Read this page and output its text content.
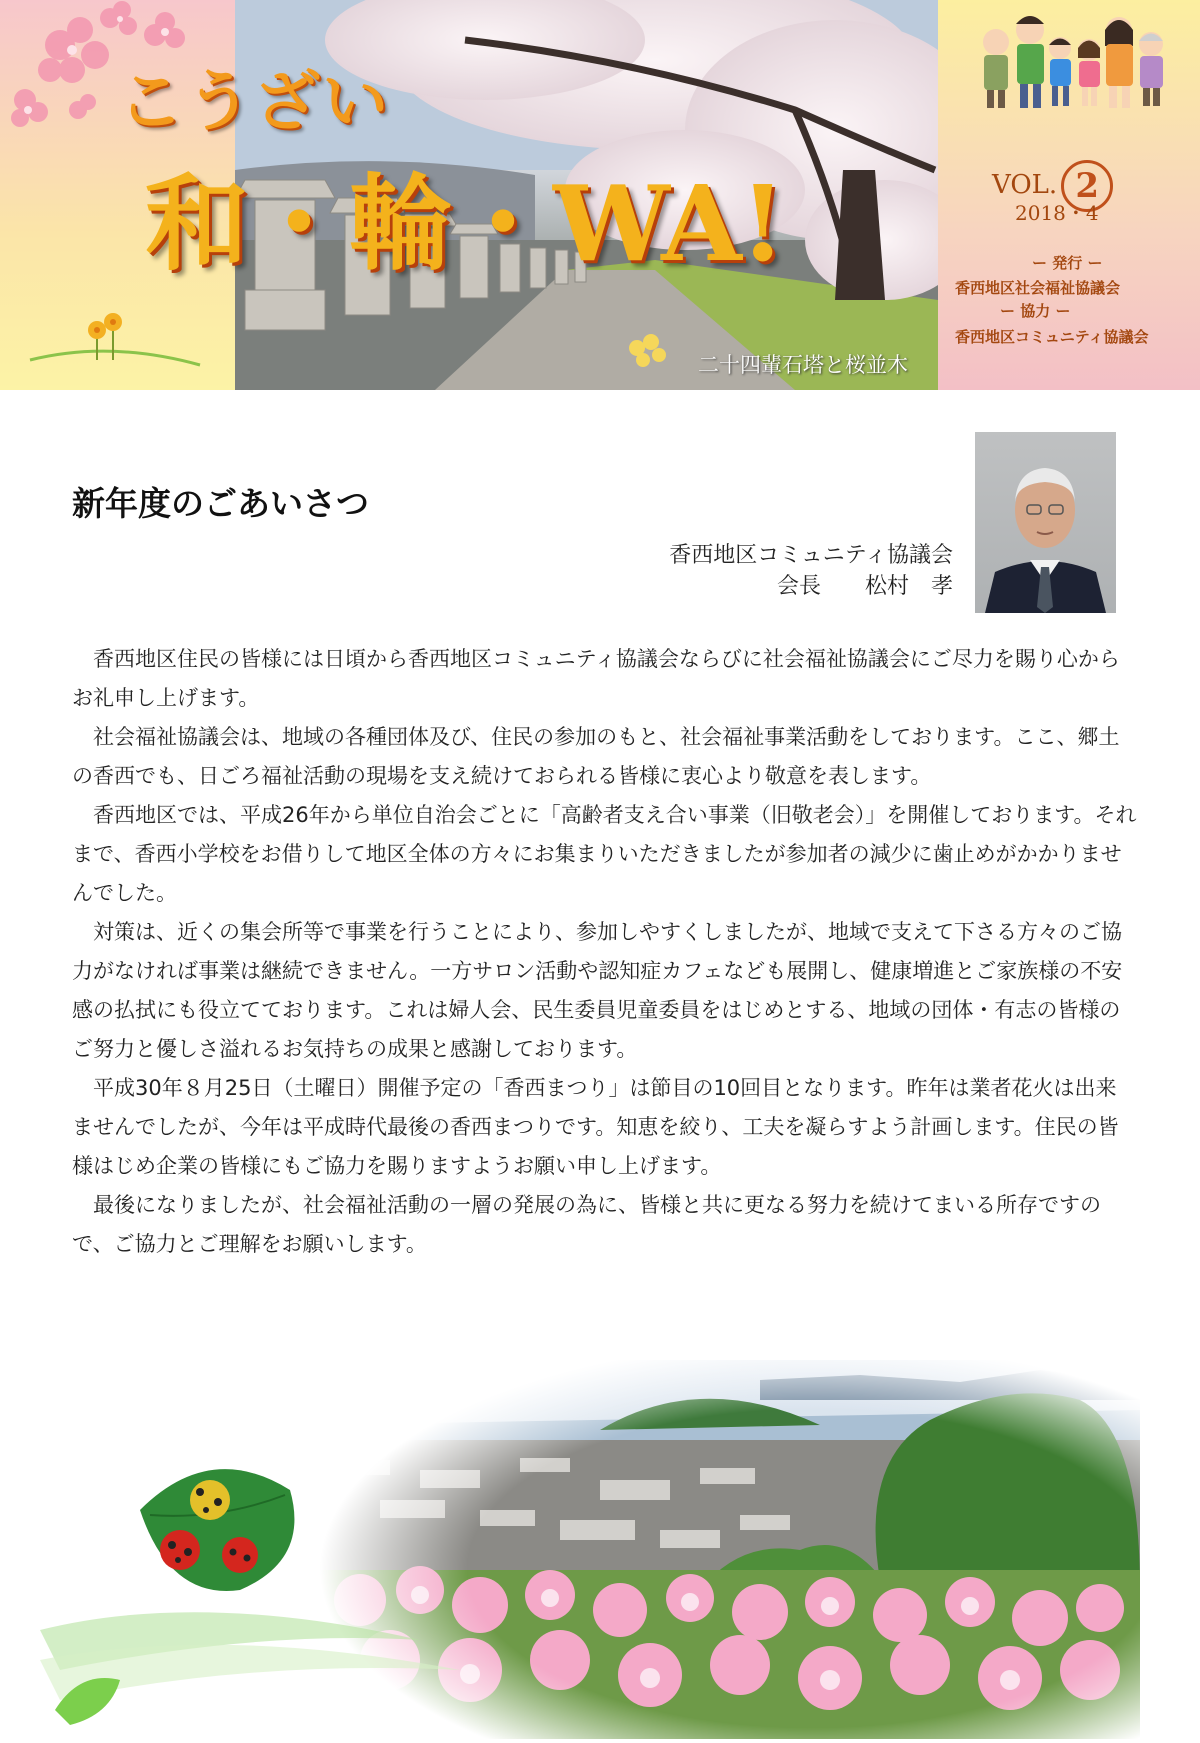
こうざい
和・輪・WA!
二十四輩石塔と桜並木
VOL. 2
2018・4
ー 発行 ー
香西地区社会福祉協議会
ー 協力 ー
香西地区コミュニティ協議会
新年度のごあいさつ
香西地区コミュニティ協議会
会長　　松村　孝

香西地区住民の皆様には日頃から香西地区コミュニティ協議会ならびに社会福祉協議会にご尽力を賜り心からお礼申し上げます。

社会福祉協議会は、地域の各種団体及び、住民の参加のもと、社会福祉事業活動をしております。ここ、郷土の香西でも、日ごろ福祉活動の現場を支え続けておられる皆様に衷心より敬意を表します。

香西地区では、平成26年から単位自治会ごとに「高齢者支え合い事業（旧敬老会）」を開催しております。それまで、香西小学校をお借りして地区全体の方々にお集まりいただきましたが参加者の減少に歯止めがかかりませんでした。

対策は、近くの集会所等で事業を行うことにより、参加しやすくしましたが、地域で支えて下さる方々のご協力がなければ事業は継続できません。一方サロン活動や認知症カフェなども展開し、健康増進とご家族様の不安感の払拭にも役立てております。これは婦人会、民生委員児童委員をはじめとする、地域の団体・有志の皆様のご努力と優しさ溢れるお気持ちの成果と感謝しております。

平成30年８月25日（土曜日）開催予定の「香西まつり」は節目の10回目となります。昨年は業者花火は出来ませんでしたが、今年は平成時代最後の香西まつりです。知恵を絞り、工夫を凝らすよう計画します。住民の皆様はじめ企業の皆様にもご協力を賜りますようお願い申し上げます。

最後になりましたが、社会福祉活動の一層の発展の為に、皆様と共に更なる努力を続けてまいる所存ですので、ご協力とご理解をお願いします。
